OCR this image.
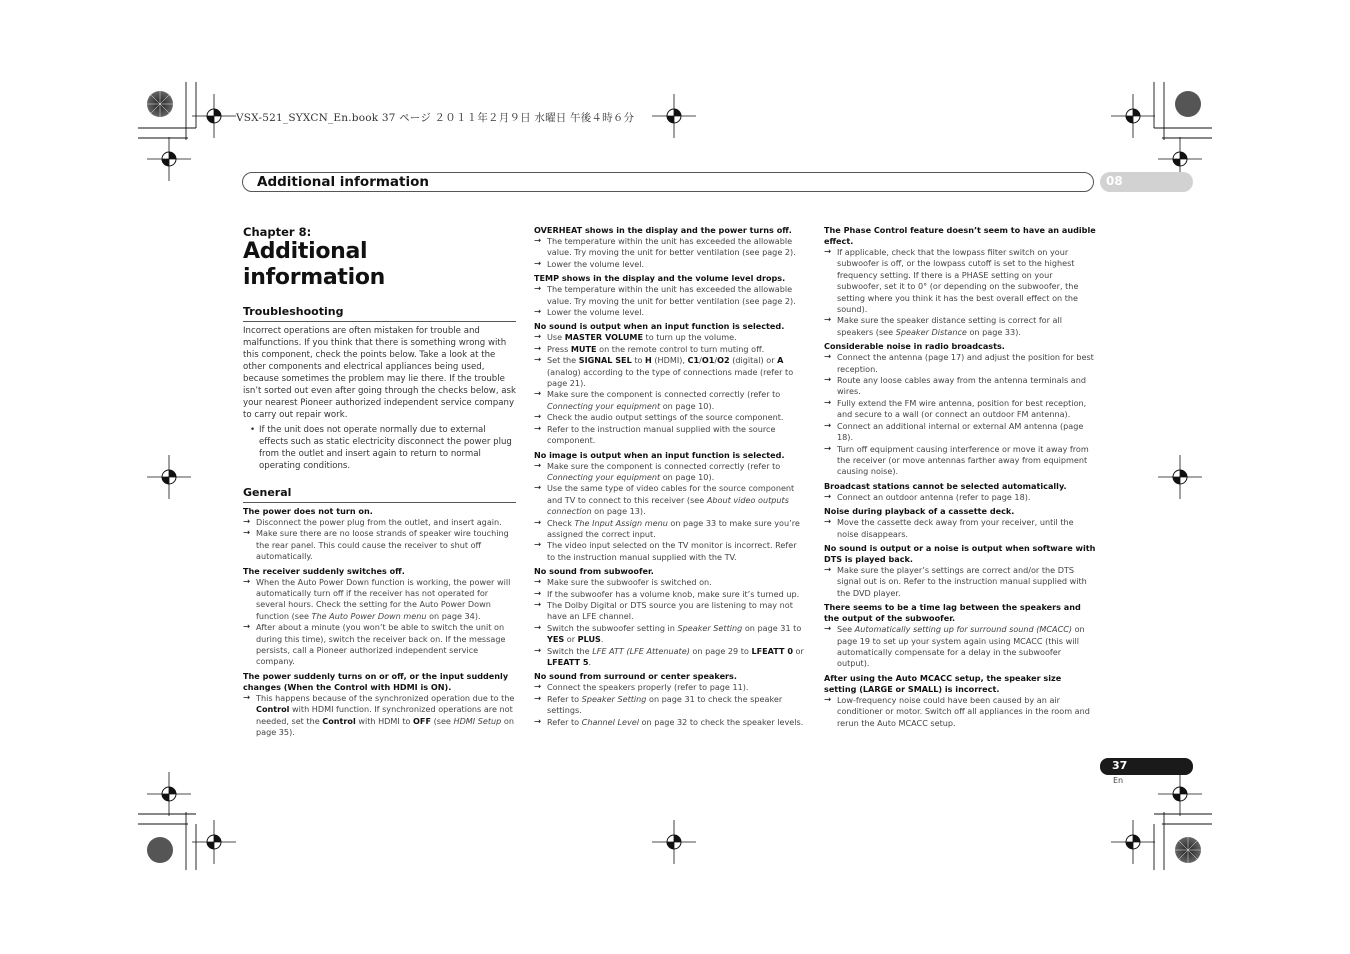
VSX-521_SYXCN_En.book 37 ページ ２０１１年２月９日 水曜日 午後４時６分
Additional information	08

Chapter 8:

Additional information
Troubleshooting

Incorrect operations are often mistaken for trouble and malfunctions. If you think that there is something wrong with this component, check the points below. Take a look at the other components and electrical appliances being used, because sometimes the problem may lie there. If the trouble isn’t sorted out even after going through the checks below, ask your nearest Pioneer authorized independent service company to carry out repair work.

• If the unit does not operate normally due to external effects such as static electricity disconnect the power plug from the outlet and insert again to return to normal operating conditions.

General

The power does not turn on.

→ Disconnect the power plug from the outlet, and insert again.

→ Make sure there are no loose strands of speaker wire touching the rear panel. This could cause the receiver to shut off automatically.

The receiver suddenly switches off.

→ When the Auto Power Down function is working, the power will automatically turn off if the receiver has not operated for several hours. Check the setting for the Auto Power Down function (see The Auto Power Down menu on page 34).

→ After about a minute (you won’t be able to switch the unit on during this time), switch the receiver back on. If the message persists, call a Pioneer authorized independent service company.

The power suddenly turns on or off, or the input suddenly changes (When the Control with HDMI is ON).

→ This happens because of the synchronized operation due to the Control with HDMI function. If synchronized operations are not needed, set the Control with HDMI to OFF (see HDMI Setup on page 35).

OVERHEAT shows in the display and the power turns off.

→ The temperature within the unit has exceeded the allowable value. Try moving the unit for better ventilation (see page 2).

→ Lower the volume level.

TEMP shows in the display and the volume level drops.

→ The temperature within the unit has exceeded the allowable value. Try moving the unit for better ventilation (see page 2).

→ Lower the volume level.

No sound is output when an input function is selected.

→ Use MASTER VOLUME to turn up the volume.

→ Press MUTE on the remote control to turn muting off.

→ Set the SIGNAL SEL to H (HDMI), C1/O1/O2 (digital) or A (analog) according to the type of connections made (refer to page 21).

→ Make sure the component is connected correctly (refer to Connecting your equipment on page 10).

→ Check the audio output settings of the source component.

→ Refer to the instruction manual supplied with the source component.

No image is output when an input function is selected.

→ Make sure the component is connected correctly (refer to Connecting your equipment on page 10).

→ Use the same type of video cables for the source component and TV to connect to this receiver (see About video outputs connection on page 13).

→ Check The Input Assign menu on page 33 to make sure you’re assigned the correct input.

→ The video input selected on the TV monitor is incorrect. Refer to the instruction manual supplied with the TV.

No sound from subwoofer.

→ Make sure the subwoofer is switched on.

→ If the subwoofer has a volume knob, make sure it’s turned up.

→ The Dolby Digital or DTS source you are listening to may not have an LFE channel.

→ Switch the subwoofer setting in Speaker Setting on page 31 to YES or PLUS.

→ Switch the LFE ATT (LFE Attenuate) on page 29 to LFEATT 0 or LFEATT 5.

No sound from surround or center speakers.

→ Connect the speakers properly (refer to page 11).

→ Refer to Speaker Setting on page 31 to check the speaker settings.

→ Refer to Channel Level on page 32 to check the speaker levels.

The Phase Control feature doesn’t seem to have an audible effect.

→ If applicable, check that the lowpass filter switch on your subwoofer is off, or the lowpass cutoff is set to the highest frequency setting. If there is a PHASE setting on your subwoofer, set it to 0° (or depending on the subwoofer, the setting where you think it has the best overall effect on the sound).

→ Make sure the speaker distance setting is correct for all speakers (see Speaker Distance on page 33).

Considerable noise in radio broadcasts.

→ Connect the antenna (page 17) and adjust the position for best reception.

→ Route any loose cables away from the antenna terminals and wires.

→ Fully extend the FM wire antenna, position for best reception, and secure to a wall (or connect an outdoor FM antenna).

→ Connect an additional internal or external AM antenna (page 18).

→ Turn off equipment causing interference or move it away from the receiver (or move antennas farther away from equipment causing noise).

Broadcast stations cannot be selected automatically.

→ Connect an outdoor antenna (refer to page 18).

Noise during playback of a cassette deck.

→ Move the cassette deck away from your receiver, until the noise disappears.

No sound is output or a noise is output when software with DTS is played back.

→ Make sure the player’s settings are correct and/or the DTS signal out is on. Refer to the instruction manual supplied with the DVD player.

There seems to be a time lag between the speakers and the output of the subwoofer.

→ See Automatically setting up for surround sound (MCACC) on page 19 to set up your system again using MCACC (this will automatically compensate for a delay in the subwoofer output).

After using the Auto MCACC setup, the speaker size setting (LARGE or SMALL) is incorrect.

→ Low-frequency noise could have been caused by an air conditioner or motor. Switch off all appliances in the room and rerun the Auto MCACC setup.

37
En
